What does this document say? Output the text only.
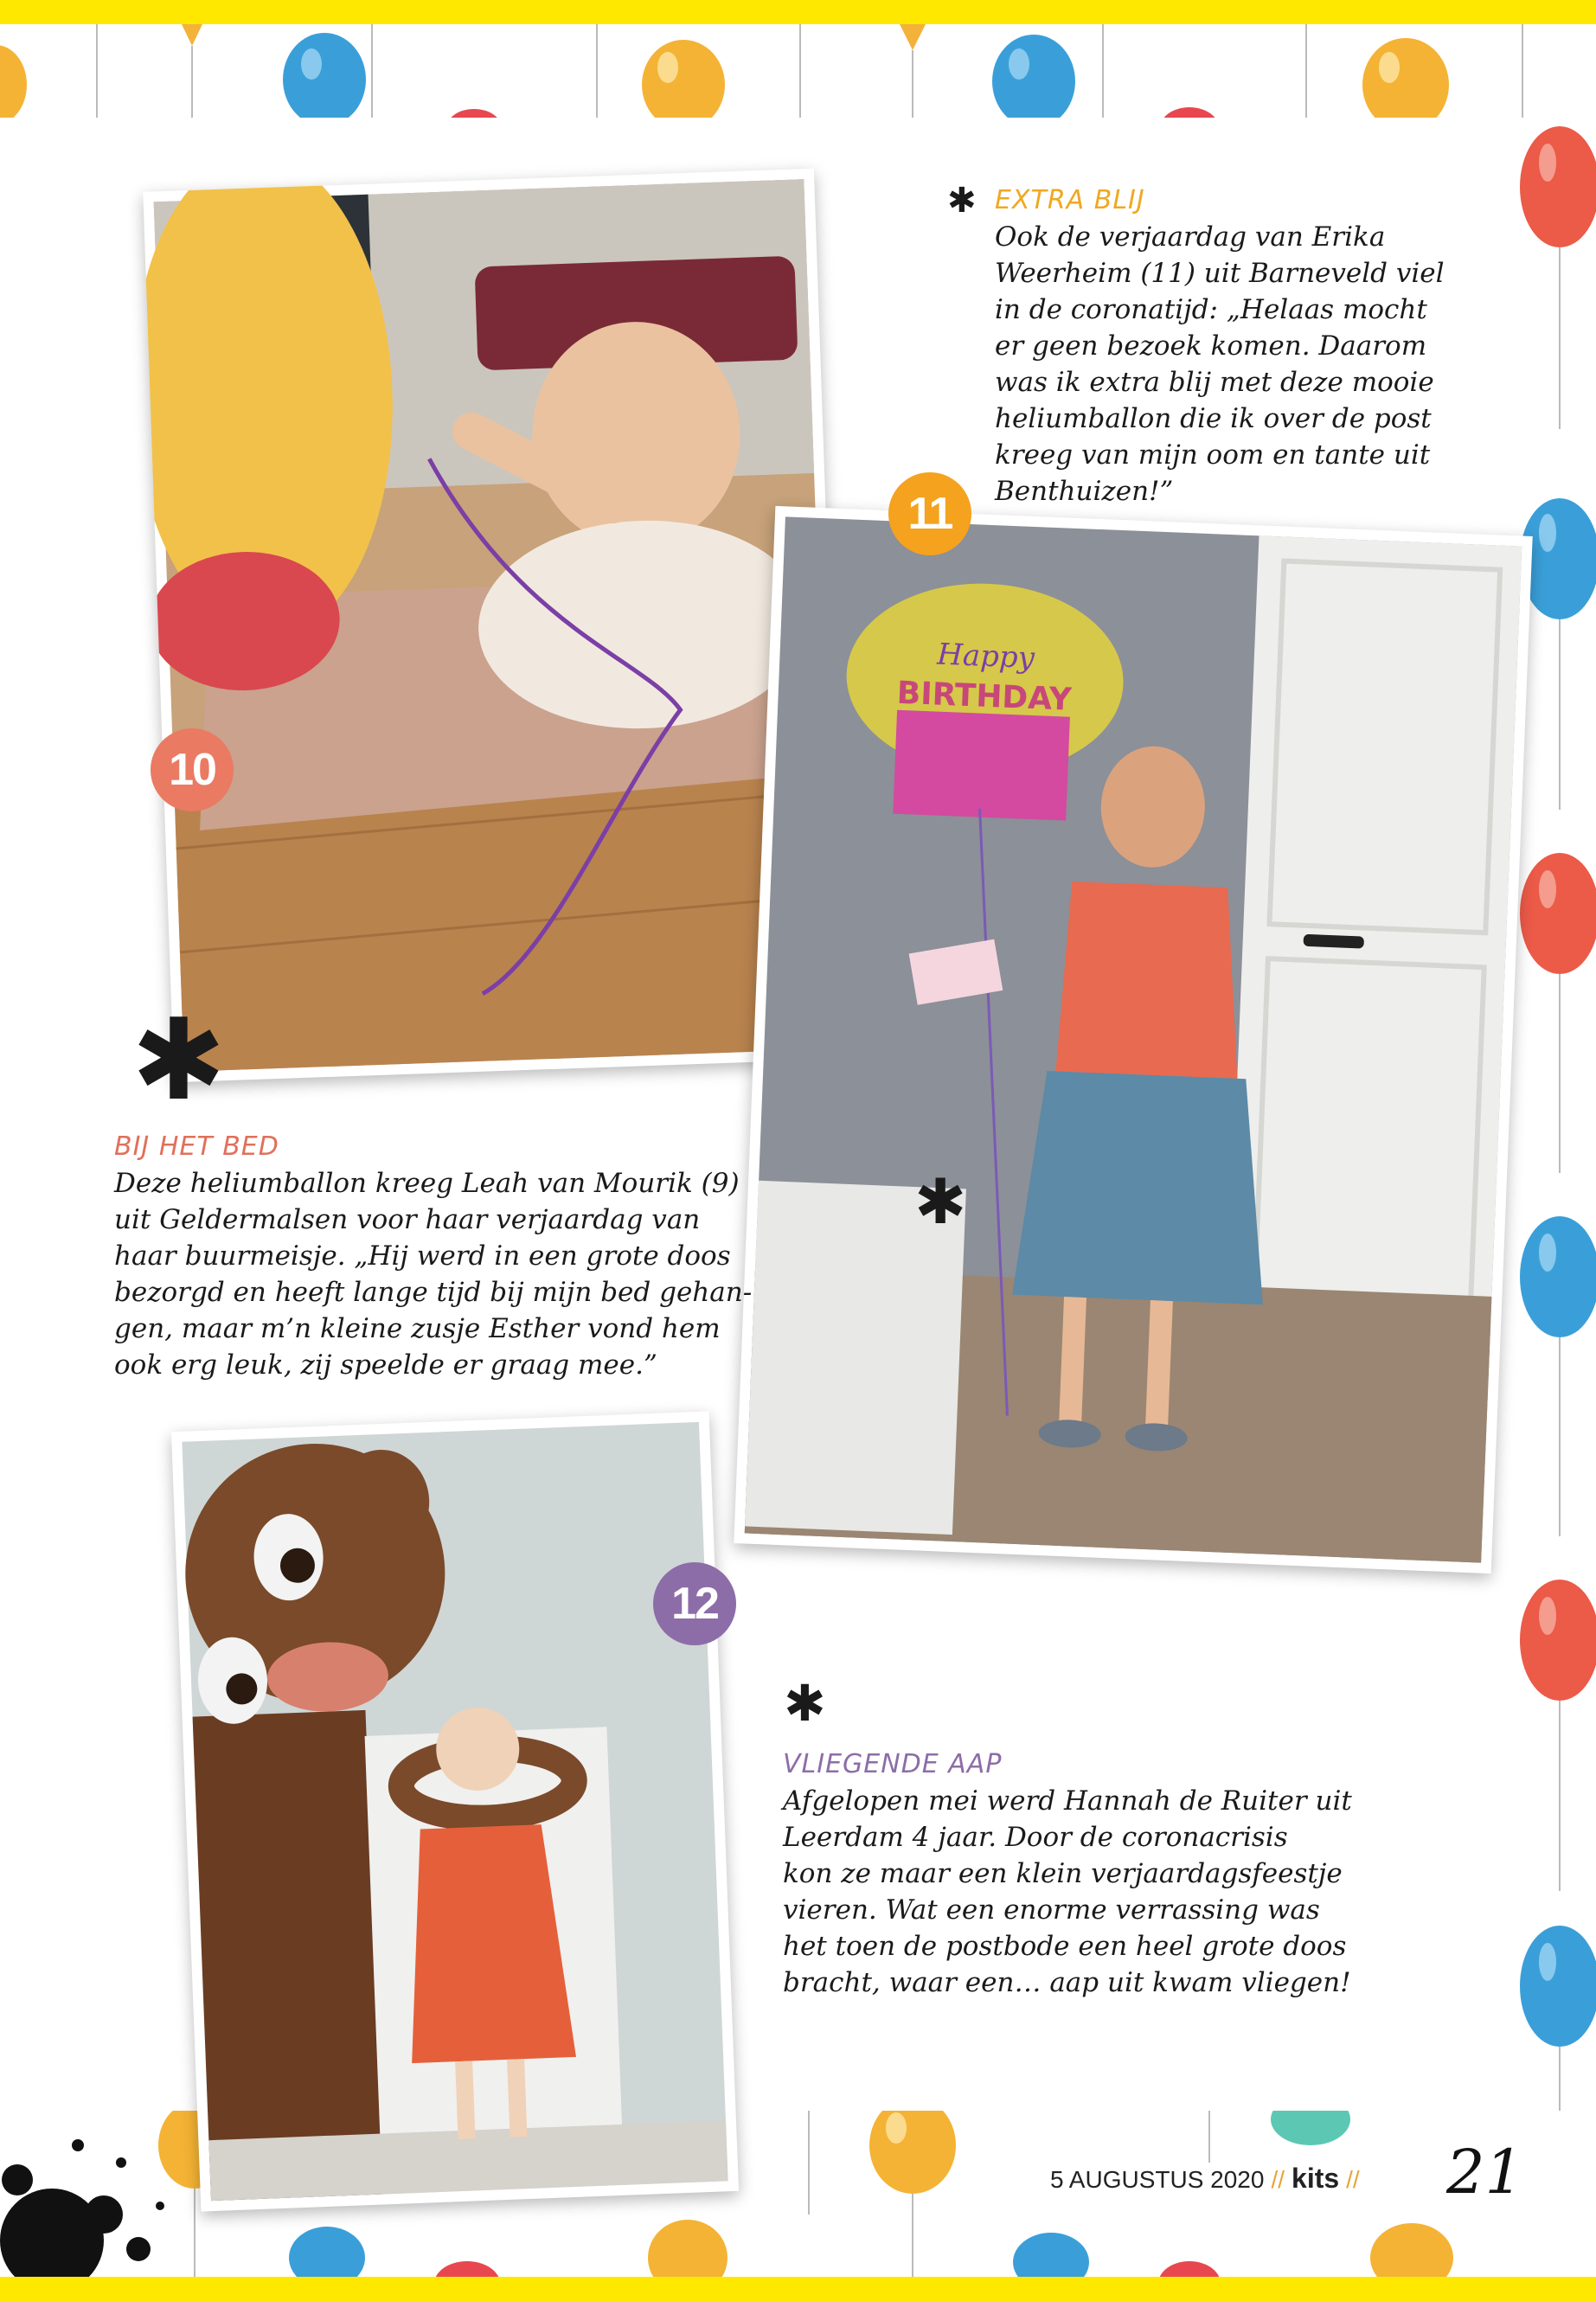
10
Happy
BIRTHDAY
11
12
✱
✱
✱
✱
EXTRA BLIJ

Ook de verjaardag van Erika
Weerheim (11) uit Barneveld viel
in de coronatijd: „Helaas mocht
er geen bezoek komen. Daarom
was ik extra blij met deze mooie
heliumballon die ik over de post
kreeg van mijn oom en tante uit
Benthuizen!”

BIJ HET BED

Deze heliumballon kreeg Leah van Mourik (9)
uit Geldermalsen voor haar verjaardag van
haar buurmeisje. „Hij werd in een grote doos
bezorgd en heeft lange tijd bij mijn bed gehan-
gen, maar m’n kleine zusje Esther vond hem
ook erg leuk, zij speelde er graag mee.”

VLIEGENDE AAP

Afgelopen mei werd Hannah de Ruiter uit
Leerdam 4 jaar. Door de coronacrisis
kon ze maar een klein verjaardagsfeestje
vieren. Wat een enorme verrassing was
het toen de postbode een heel grote doos
bracht, waar een… aap uit kwam vliegen!

5 AUGUSTUS 2020 // kits // 21
